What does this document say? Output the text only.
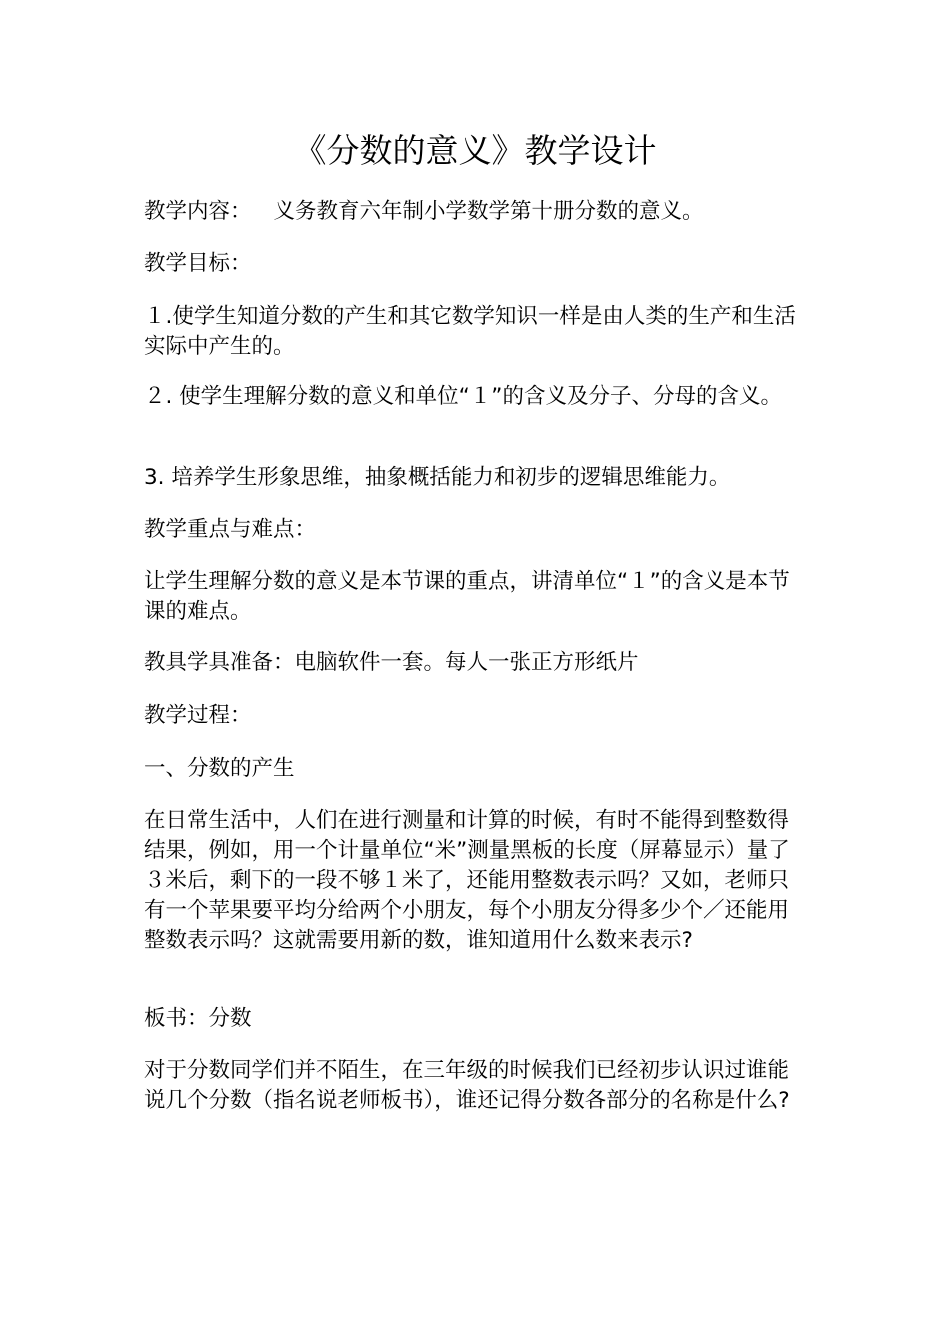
《分数的意义》教学设计

教学内容： 义务教育六年制小学数学第十册分数的意义。

教学目标：

１.使学生知道分数的产生和其它数学知识一样是由人类的生产和生活实际中产生的。

２. 使学生理解分数的意义和单位“１”的含义及分子、分母的含义。

3. 培养学生形象思维，抽象概括能力和初步的逻辑思维能力。

教学重点与难点：

让学生理解分数的意义是本节课的重点，讲清单位“１”的含义是本节课的难点。

教具学具准备：电脑软件一套。每人一张正方形纸片

教学过程：

一、分数的产生

在日常生活中，人们在进行测量和计算的时候，有时不能得到整数得结果，例如，用一个计量单位“米”测量黑板的长度（屏幕显示）量了３米后，剩下的一段不够１米了，还能用整数表示吗？又如，老师只有一个苹果要平均分给两个小朋友，每个小朋友分得多少个／还能用整数表示吗？这就需要用新的数，谁知道用什么数来表示?

板书：分数

对于分数同学们并不陌生，在三年级的时候我们已经初步认识过谁能说几个分数（指名说老师板书），谁还记得分数各部分的名称是什么?
